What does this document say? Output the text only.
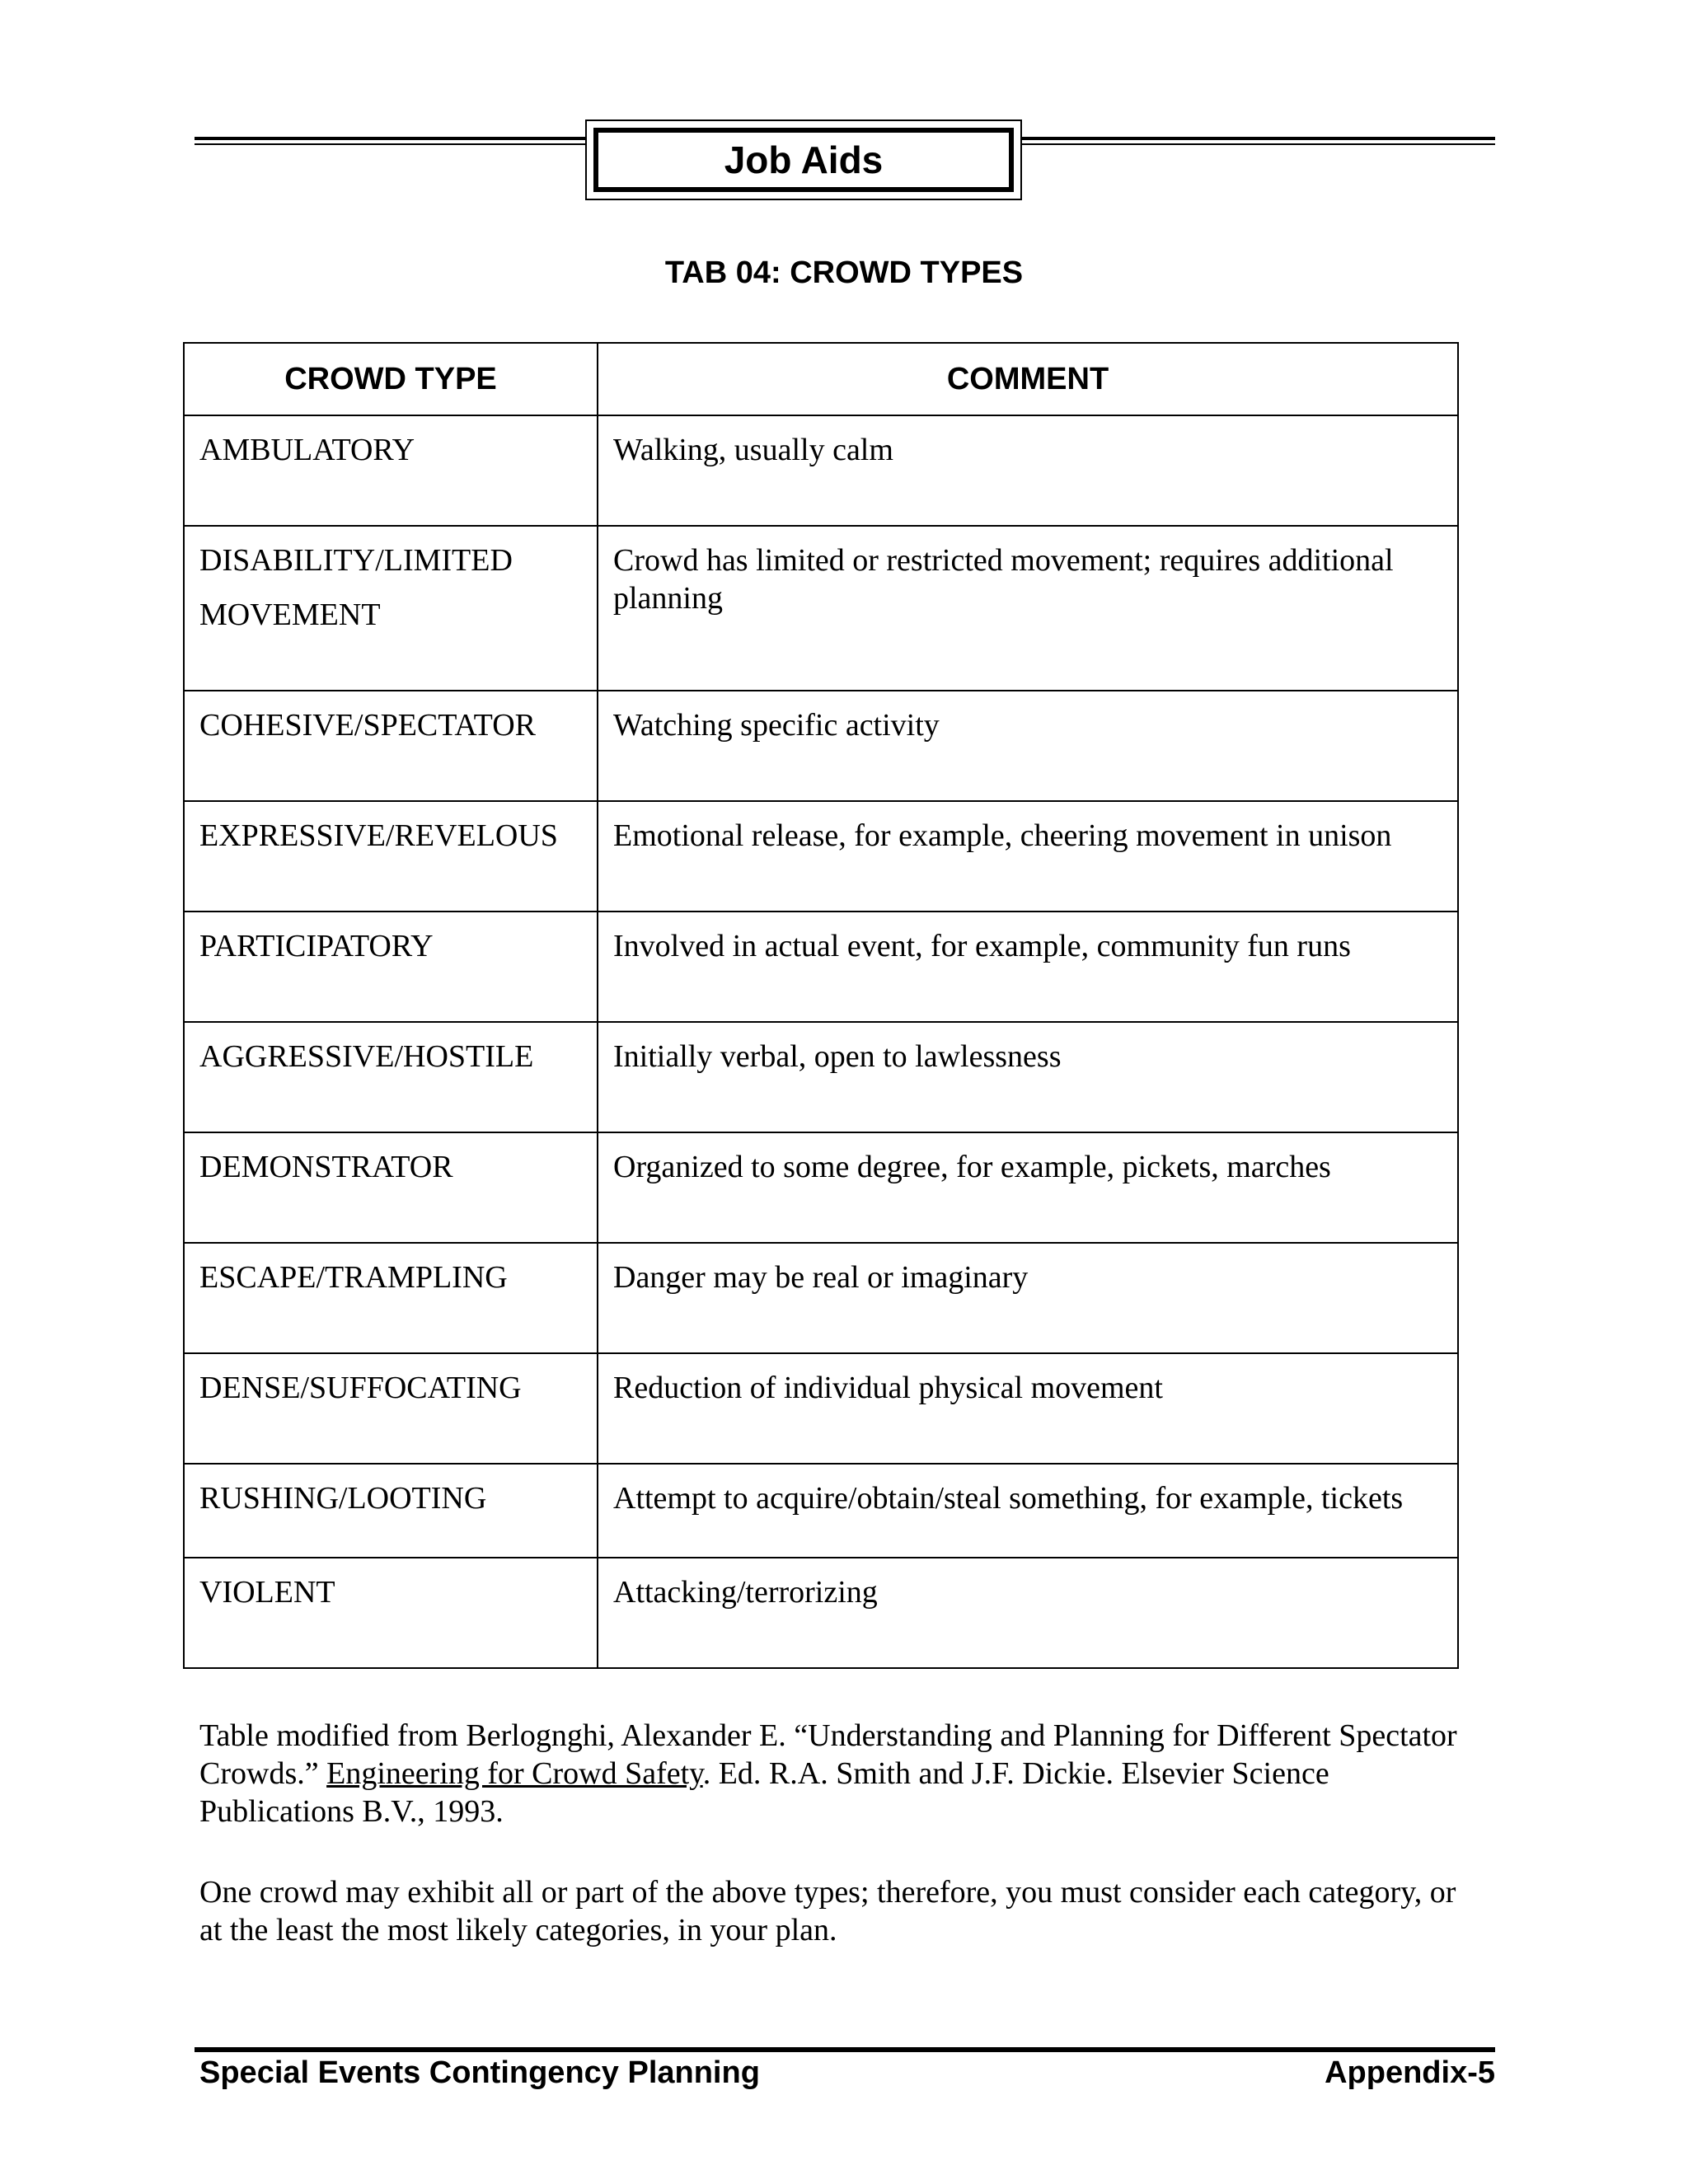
Job Aids
TAB 04: CROWD TYPES
CROWD TYPE	COMMENT
AMBULATORY	Walking, usually calm
DISABILITY/LIMITED
MOVEMENT	Crowd has limited or restricted movement; requires additional planning
COHESIVE/SPECTATOR	Watching specific activity
EXPRESSIVE/REVELOUS	Emotional release, for example, cheering movement in unison
PARTICIPATORY	Involved in actual event, for example, community fun runs
AGGRESSIVE/HOSTILE	Initially verbal, open to lawlessness
DEMONSTRATOR	Organized to some degree, for example, pickets, marches
ESCAPE/TRAMPLING	Danger may be real or imaginary
DENSE/SUFFOCATING	Reduction of individual physical movement
RUSHING/LOOTING	Attempt to acquire/obtain/steal something, for example, tickets
VIOLENT	Attacking/terrorizing

Table modified from Berlognghi, Alexander E. “Understanding and Planning for Different Spectator Crowds.” Engineering for Crowd Safety. Ed. R.A. Smith and J.F. Dickie. Elsevier Science Publications B.V., 1993.

One crowd may exhibit all or part of the above types; therefore, you must consider each category, or at the least the most likely categories, in your plan.

Special Events Contingency Planning	Appendix-5
